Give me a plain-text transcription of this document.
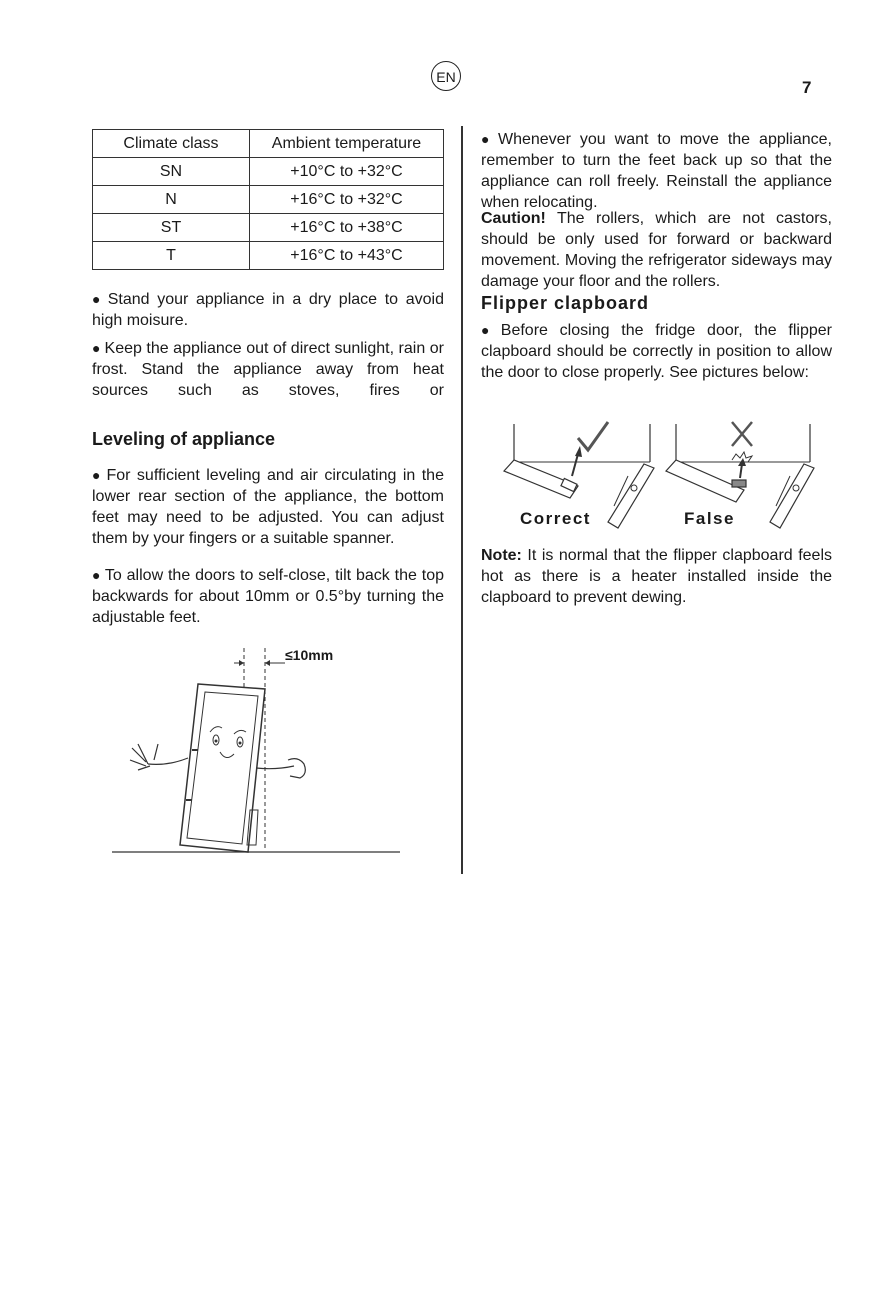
EN
7
Climate class	Ambient temperature
SN	+10°C to +32°C
N	+16°C to +32°C
ST	+16°C to +38°C
T	+16°C to +43°C

● Stand your appliance in a dry place to avoid high moisure.

● Keep the appliance out of direct sunlight, rain or frost. Stand the appliance away from heat sources such as stoves, fires or

Leveling of appliance

● For sufficient leveling and air circulating in the lower rear section of the appliance, the bottom feet may need to be adjusted. You can adjust them by your fingers or a suitable spanner.

● To allow the doors to self-close, tilt back the top backwards for about 10mm or 0.5°by turning the adjustable feet.

≤10mm

● Whenever you want to move the appliance, remember to turn the feet back up so that the appliance can roll freely. Reinstall the appliance when relocating.

Caution! The rollers, which are not castors, should be only used for forward or backward movement. Moving the refrigerator sideways may damage your floor and the rollers.

Flipper clapboard

● Before closing the fridge door, the flipper clapboard should be correctly in position to allow the door to close properly. See pictures below:

Correct	False

Note: It is normal that the flipper clapboard feels hot as there is a heater installed inside the clapboard to prevent dewing.
